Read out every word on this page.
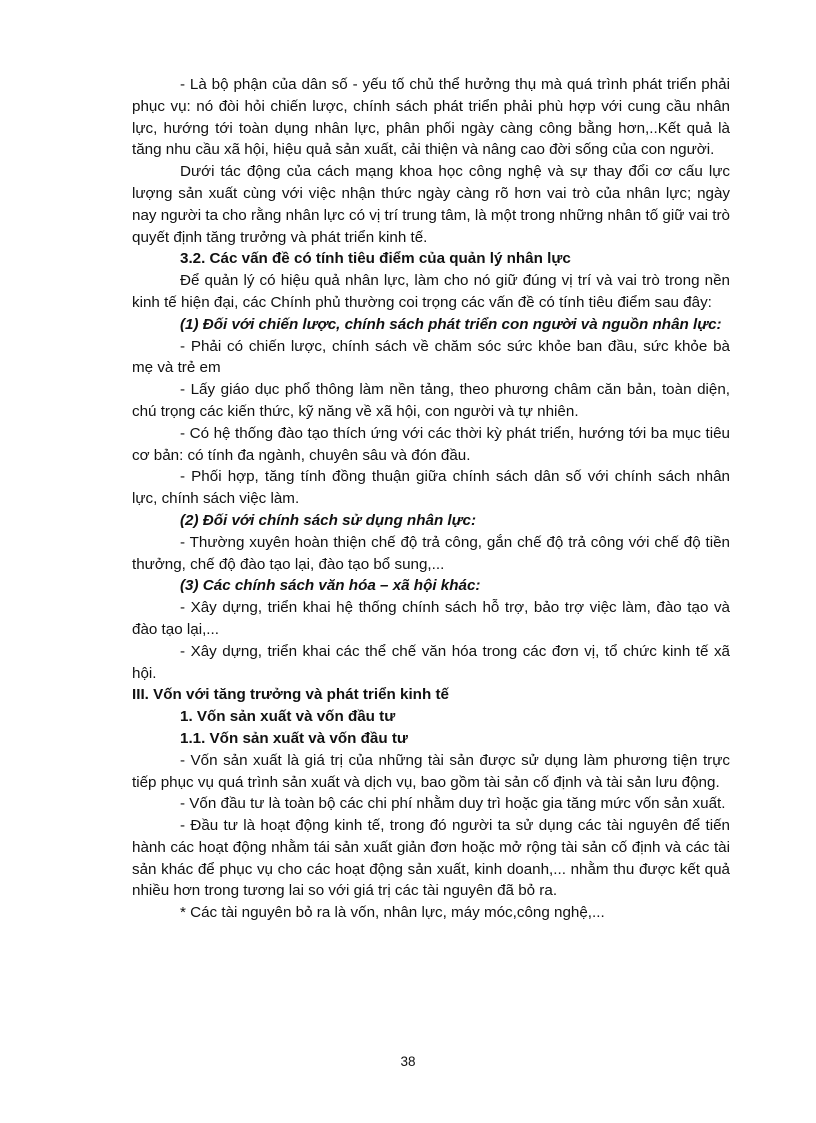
- Là bộ phận của dân số - yếu tố chủ thể hưởng thụ mà quá trình phát triển phải phục vụ: nó đòi hỏi chiến lược, chính sách phát triển phải phù hợp với cung cầu nhân lực, hướng tới toàn dụng nhân lực, phân phối ngày càng công bằng hơn,..Kết quả là tăng nhu cầu xã hội, hiệu quả sản xuất, cải thiện và nâng cao đời sống của con người.

Dưới tác động của cách mạng khoa học công nghệ và sự thay đổi cơ cấu lực lượng sản xuất cùng với việc nhận thức ngày càng rõ hơn vai trò của nhân lực; ngày nay người ta cho rằng nhân lực có vị trí trung tâm, là một trong những nhân tố giữ vai trò quyết định tăng trưởng và phát triển kinh tế.

3.2. Các vấn đề có tính tiêu điểm của quản lý nhân lực

Để quản lý có hiệu quả nhân lực, làm cho nó giữ đúng vị trí và vai trò trong nền kinh tế hiện đại, các Chính phủ thường coi trọng các vấn đề có tính tiêu điểm sau đây:

(1) Đối với chiến lược, chính sách phát triển con người và nguồn nhân lực:

- Phải có chiến lược, chính sách về chăm sóc sức khỏe ban đầu, sức khỏe bà mẹ và trẻ em

- Lấy giáo dục phổ thông làm nền tảng, theo phương châm căn bản, toàn diện, chú trọng các kiến thức, kỹ năng về xã hội, con người và tự nhiên.

- Có hệ thống đào tạo thích ứng với các thời kỳ phát triển, hướng tới ba mục tiêu cơ bản: có tính đa ngành, chuyên sâu và đón đầu.

- Phối hợp, tăng tính đồng thuận giữa chính sách dân số với chính sách nhân lực, chính sách việc làm.

(2) Đối với chính sách sử dụng nhân lực:

- Thường xuyên hoàn thiện chế độ trả công, gắn chế độ trả công với chế độ tiền thưởng, chế độ đào tạo lại, đào tạo bổ sung,...

(3) Các chính sách văn hóa – xã hội khác:

- Xây dựng, triển khai hệ thống chính sách hỗ trợ, bảo trợ việc làm, đào tạo và đào tạo lại,...

- Xây dựng, triển khai các thể chế văn hóa trong các đơn vị, tổ chức kinh tế xã hội.

III. Vốn với tăng trưởng và phát triển kinh tế

1. Vốn sản xuất và vốn đầu tư

1.1. Vốn sản xuất và vốn đầu tư

- Vốn sản xuất là giá trị của những tài sản được sử dụng làm phương tiện trực tiếp phục vụ quá trình sản xuất và dịch vụ, bao gồm tài sản cố định và tài sản lưu động.

- Vốn đầu tư là toàn bộ các chi phí nhằm duy trì hoặc gia tăng mức vốn sản xuất.

- Đầu tư là hoạt động kinh tế, trong đó người ta sử dụng các tài nguyên để tiến hành các hoạt động nhằm tái sản xuất giản đơn hoặc mở rộng tài sản cố định và các tài sản khác để phục vụ cho các hoạt động sản xuất, kinh doanh,... nhằm thu được kết quả nhiều hơn trong tương lai so với giá trị các tài nguyên đã bỏ ra.

* Các tài nguyên bỏ ra là vốn, nhân lực, máy móc,công nghệ,...

38
